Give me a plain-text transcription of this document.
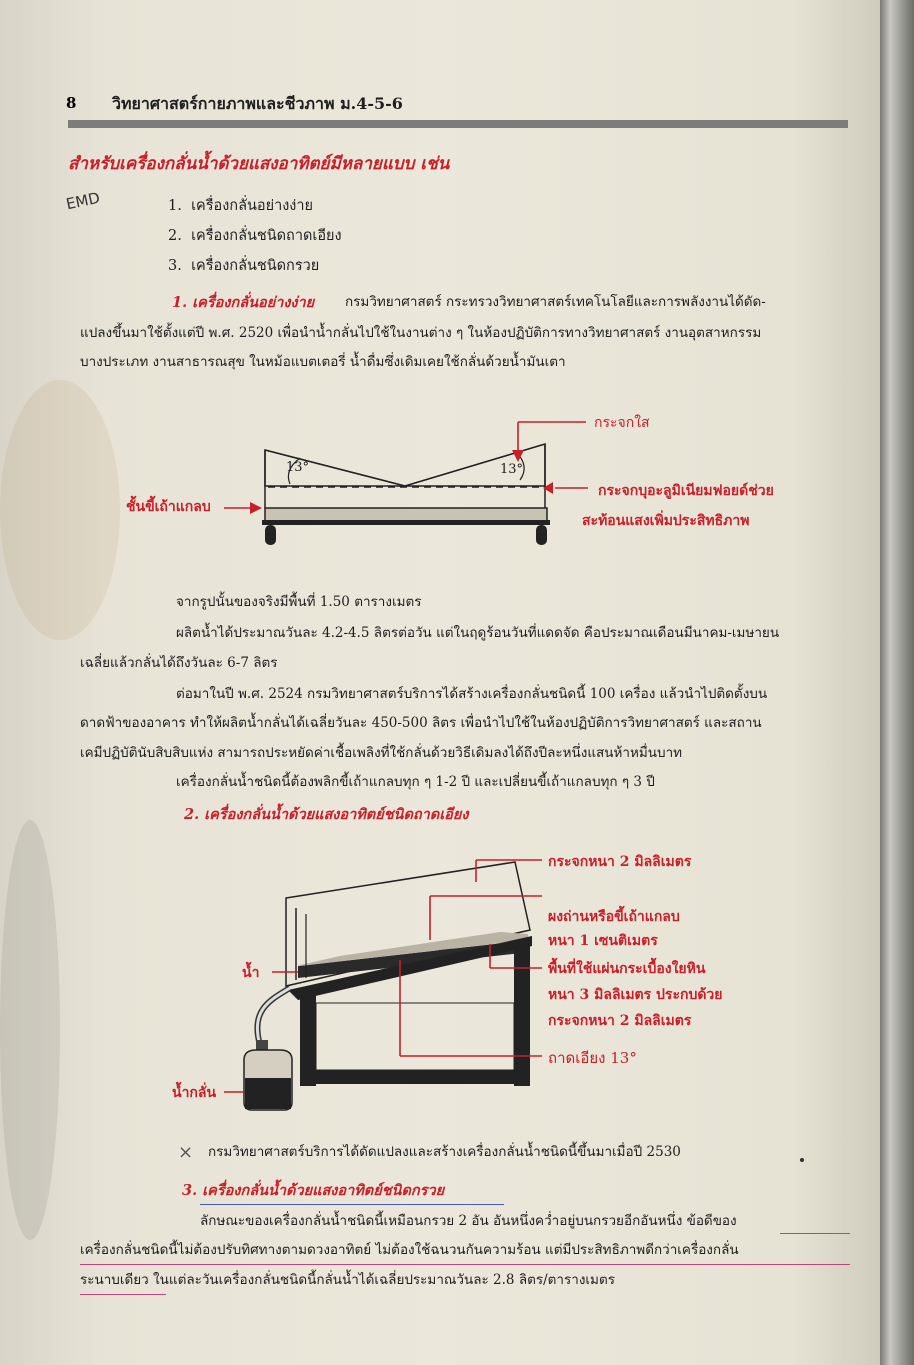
8 วิทยาศาสตร์กายภาพและชีวภาพ ม.4-5-6
สำหรับเครื่องกลั่นน้ำด้วยแสงอาทิตย์มีหลายแบบ เช่น
EMD	1. เครื่องกลั่นอย่างง่าย
2. เครื่องกลั่นชนิดถาดเอียง
3. เครื่องกลั่นชนิดกรวย
1. เครื่องกลั่นอย่างง่าย กรมวิทยาศาสตร์ กระทรวงวิทยาศาสตร์เทคโนโลยีและการพลังงานได้ดัด-
แปลงขึ้นมาใช้ตั้งแต่ปี พ.ศ. 2520 เพื่อนำน้ำกลั่นไปใช้ในงานต่าง ๆ ในห้องปฏิบัติการทางวิทยาศาสตร์ งานอุตสาหกรรม
บางประเภท งานสาธารณสุข ในหม้อแบตเตอรี่ น้ำดื่มซึ่งเดิมเคยใช้กลั่นด้วยน้ำมันเตา
13°	13°
กระจกใส
กระจกบุอะลูมิเนียมฟอยด์ช่วย
สะท้อนแสงเพิ่มประสิทธิภาพ
ชั้นขี้เถ้าแกลบ
จากรูปนั้นของจริงมีพื้นที่ 1.50 ตารางเมตร
ผลิตน้ำได้ประมาณวันละ 4.2-4.5 ลิตรต่อวัน แต่ในฤดูร้อนวันที่แดดจัด คือประมาณเดือนมีนาคม-เมษายน
เฉลี่ยแล้วกลั่นได้ถึงวันละ 6-7 ลิตร
ต่อมาในปี พ.ศ. 2524 กรมวิทยาศาสตร์บริการได้สร้างเครื่องกลั่นชนิดนี้ 100 เครื่อง แล้วนำไปติดตั้งบน
ดาดฟ้าของอาคาร ทำให้ผลิตน้ำกลั่นได้เฉลี่ยวันละ 450-500 ลิตร เพื่อนำไปใช้ในห้องปฏิบัติการวิทยาศาสตร์ และสถาน
เคมีปฏิบัตินับสิบสิบแห่ง สามารถประหยัดค่าเชื้อเพลิงที่ใช้กลั่นด้วยวิธีเดิมลงได้ถึงปีละหนึ่งแสนห้าหมื่นบาท
เครื่องกลั่นน้ำชนิดนี้ต้องพลิกขี้เถ้าแกลบทุก ๆ 1-2 ปี และเปลี่ยนขี้เถ้าแกลบทุก ๆ 3 ปี
2. เครื่องกลั่นน้ำด้วยแสงอาทิตย์ชนิดถาดเอียง
กระจกหนา 2 มิลลิเมตร
ผงถ่านหรือขี้เถ้าแกลบ
หนา 1 เซนติเมตร
พื้นที่ใช้แผ่นกระเบื้องใยหิน
หนา 3 มิลลิเมตร ประกบด้วย
กระจกหนา 2 มิลลิเมตร
ถาดเอียง 13°
น้ำ
น้ำกลั่น
⨯ กรมวิทยาศาสตร์บริการได้ดัดแปลงและสร้างเครื่องกลั่นน้ำชนิดนี้ขึ้นมาเมื่อปี 2530
3. เครื่องกลั่นน้ำด้วยแสงอาทิตย์ชนิดกรวย
ลักษณะของเครื่องกลั่นน้ำชนิดนี้เหมือนกรวย 2 อัน อันหนึ่งคว่ำอยู่บนกรวยอีกอันหนึ่ง ข้อดีของ
เครื่องกลั่นชนิดนี้ไม่ต้องปรับทิศทางตามดวงอาทิตย์ ไม่ต้องใช้ฉนวนกันความร้อน แต่มีประสิทธิภาพดีกว่าเครื่องกลั่น
ระนาบเดียว ในแต่ละวันเครื่องกลั่นชนิดนี้กลั่นน้ำได้เฉลี่ยประมาณวันละ 2.8 ลิตร/ตารางเมตร
